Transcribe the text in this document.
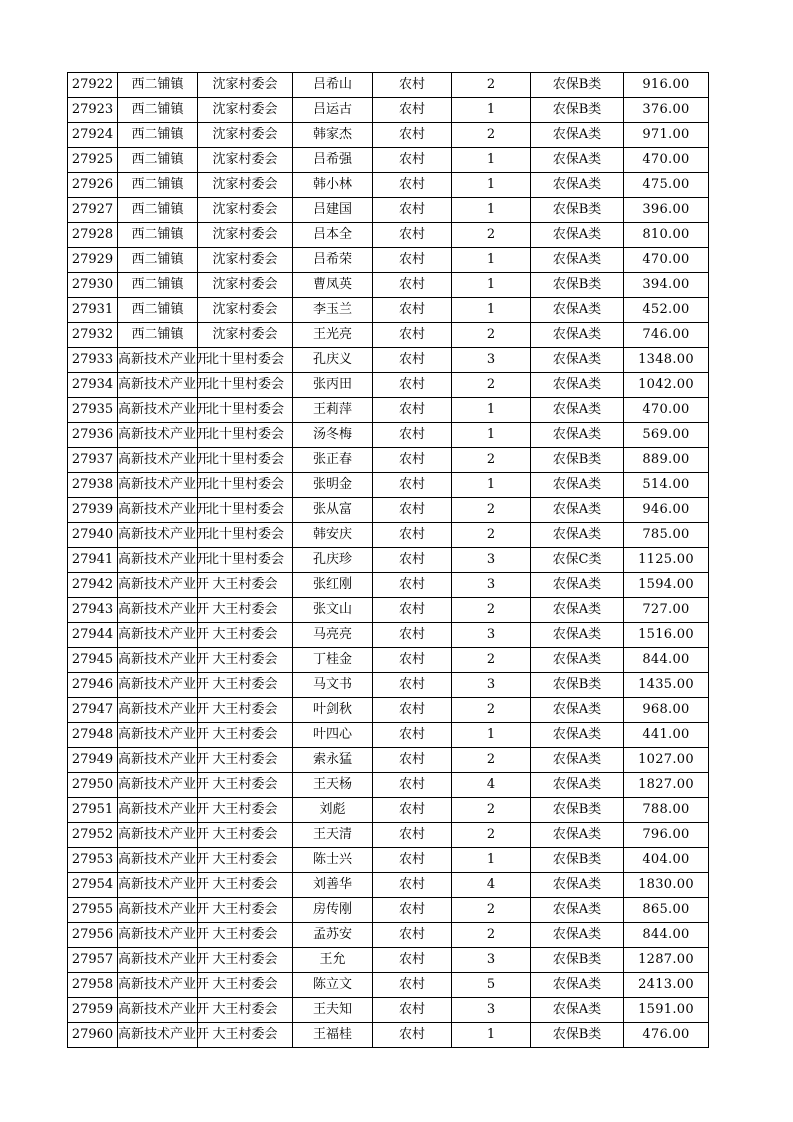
27922	西二铺镇	沈家村委会	吕希山	农村	2	农保B类	916.00
27923	西二铺镇	沈家村委会	吕运古	农村	1	农保B类	376.00
27924	西二铺镇	沈家村委会	韩家杰	农村	2	农保A类	971.00
27925	西二铺镇	沈家村委会	吕希强	农村	1	农保A类	470.00
27926	西二铺镇	沈家村委会	韩小林	农村	1	农保A类	475.00
27927	西二铺镇	沈家村委会	吕建国	农村	1	农保B类	396.00
27928	西二铺镇	沈家村委会	吕本全	农村	2	农保A类	810.00
27929	西二铺镇	沈家村委会	吕希荣	农村	1	农保A类	470.00
27930	西二铺镇	沈家村委会	曹凤英	农村	1	农保B类	394.00
27931	西二铺镇	沈家村委会	李玉兰	农村	1	农保A类	452.00
27932	西二铺镇	沈家村委会	王光亮	农村	2	农保A类	746.00
27933	高新技术产业开	北十里村委会	孔庆义	农村	3	农保A类	1348.00
27934	高新技术产业开	北十里村委会	张丙田	农村	2	农保A类	1042.00
27935	高新技术产业开	北十里村委会	王莉萍	农村	1	农保A类	470.00
27936	高新技术产业开	北十里村委会	汤冬梅	农村	1	农保A类	569.00
27937	高新技术产业开	北十里村委会	张正春	农村	2	农保B类	889.00
27938	高新技术产业开	北十里村委会	张明金	农村	1	农保A类	514.00
27939	高新技术产业开	北十里村委会	张从富	农村	2	农保A类	946.00
27940	高新技术产业开	北十里村委会	韩安庆	农村	2	农保A类	785.00
27941	高新技术产业开	北十里村委会	孔庆珍	农村	3	农保C类	1125.00
27942	高新技术产业开	大王村委会	张红刚	农村	3	农保A类	1594.00
27943	高新技术产业开	大王村委会	张文山	农村	2	农保A类	727.00
27944	高新技术产业开	大王村委会	马亮亮	农村	3	农保A类	1516.00
27945	高新技术产业开	大王村委会	丁桂金	农村	2	农保A类	844.00
27946	高新技术产业开	大王村委会	马文书	农村	3	农保B类	1435.00
27947	高新技术产业开	大王村委会	叶剑秋	农村	2	农保A类	968.00
27948	高新技术产业开	大王村委会	叶四心	农村	1	农保A类	441.00
27949	高新技术产业开	大王村委会	索永猛	农村	2	农保A类	1027.00
27950	高新技术产业开	大王村委会	王天杨	农村	4	农保A类	1827.00
27951	高新技术产业开	大王村委会	刘彪	农村	2	农保B类	788.00
27952	高新技术产业开	大王村委会	王天清	农村	2	农保A类	796.00
27953	高新技术产业开	大王村委会	陈士兴	农村	1	农保B类	404.00
27954	高新技术产业开	大王村委会	刘善华	农村	4	农保A类	1830.00
27955	高新技术产业开	大王村委会	房传刚	农村	2	农保A类	865.00
27956	高新技术产业开	大王村委会	孟苏安	农村	2	农保A类	844.00
27957	高新技术产业开	大王村委会	王允	农村	3	农保B类	1287.00
27958	高新技术产业开	大王村委会	陈立文	农村	5	农保A类	2413.00
27959	高新技术产业开	大王村委会	王夫知	农村	3	农保A类	1591.00
27960	高新技术产业开	大王村委会	王福桂	农村	1	农保B类	476.00
